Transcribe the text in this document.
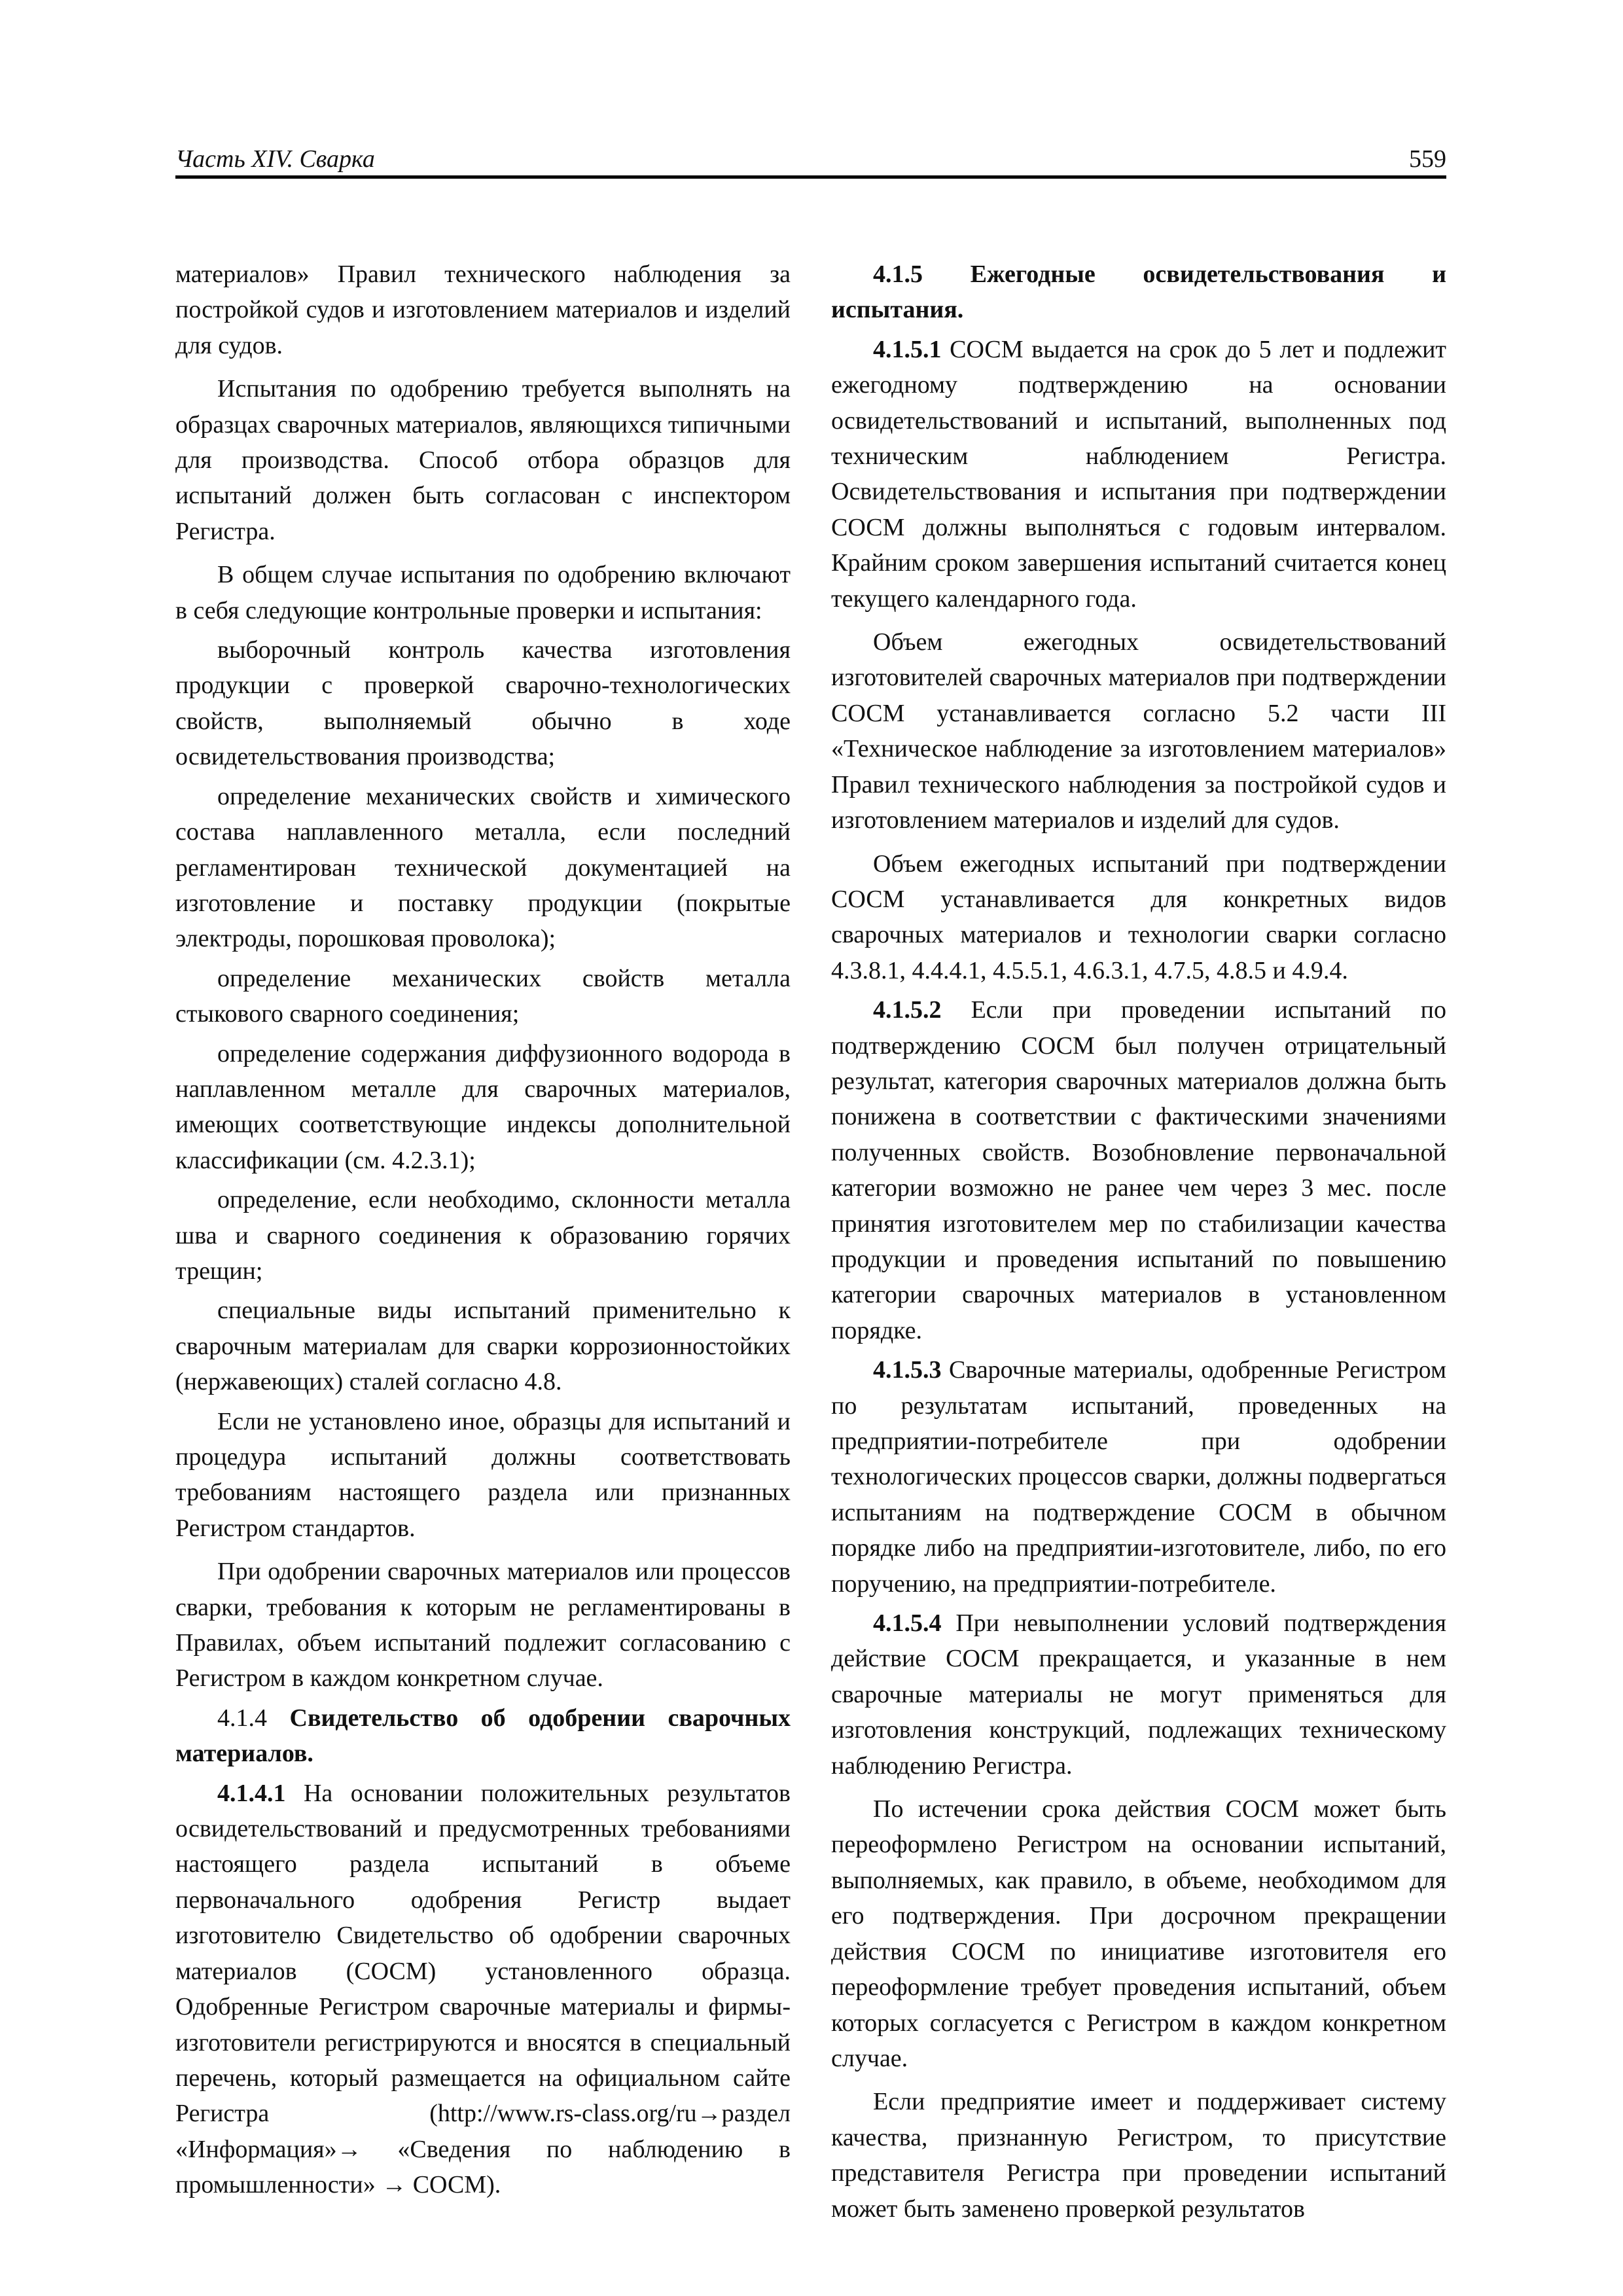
Часть XIV. Сварка	559

материалов» Правил технического наблюдения за постройкой судов и изготовлением материалов и изделий для судов.

Испытания по одобрению требуется выполнять на образцах сварочных материалов, являющихся типичными для производства. Способ отбора образцов для испытаний должен быть согласован с инспектором Регистра.

В общем случае испытания по одобрению включают в себя следующие контрольные проверки и испытания:

выборочный контроль качества изготовления продукции с проверкой сварочно-технологических свойств, выполняемый обычно в ходе освидетельствования производства;

определение механических свойств и химического состава наплавленного металла, если последний регламентирован технической документацией на изготовление и поставку продукции (покрытые электроды, порошковая проволока);

определение механических свойств металла стыкового сварного соединения;

определение содержания диффузионного водорода в наплавленном металле для сварочных материалов, имеющих соответствующие индексы дополнительной классификации (см. 4.2.3.1);

определение, если необходимо, склонности металла шва и сварного соединения к образованию горячих трещин;

специальные виды испытаний применительно к сварочным материалам для сварки коррозионностойких (нержавеющих) сталей согласно 4.8.

Если не установлено иное, образцы для испытаний и процедура испытаний должны соответствовать требованиям настоящего раздела или признанных Регистром стандартов.

При одобрении сварочных материалов или процессов сварки, требования к которым не регламентированы в Правилах, объем испытаний подлежит согласованию с Регистром в каждом конкретном случае.

4.1.4 Свидетельство об одобрении сварочных материалов.

4.1.4.1 На основании положительных результатов освидетельствований и предусмотренных требованиями настоящего раздела испытаний в объеме первоначального одобрения Регистр выдает изготовителю Свидетельство об одобрении сварочных материалов (СОСМ) установленного образца. Одобренные Регистром сварочные материалы и фирмы-изготовители регистрируются и вносятся в специальный перечень, который размещается на официальном сайте Регистра (http://www.rs-class.org/ru→раздел «Информация»→ «Сведения по наблюдению в промышленности» → СОСМ).

4.1.5 Ежегодные освидетельствования и испытания.

4.1.5.1 СОСМ выдается на срок до 5 лет и подлежит ежегодному подтверждению на основании освидетельствований и испытаний, выполненных под техническим наблюдением Регистра. Освидетельствования и испытания при подтверждении СОСМ должны выполняться с годовым интервалом. Крайним сроком завершения испытаний считается конец текущего календарного года.

Объем ежегодных освидетельствований изготовителей сварочных материалов при подтверждении СОСМ устанавливается согласно 5.2 части III «Техническое наблюдение за изготовлением материалов» Правил технического наблюдения за постройкой судов и изготовлением материалов и изделий для судов.

Объем ежегодных испытаний при подтверждении СОСМ устанавливается для конкретных видов сварочных материалов и технологии сварки согласно 4.3.8.1, 4.4.4.1, 4.5.5.1, 4.6.3.1, 4.7.5, 4.8.5 и 4.9.4.

4.1.5.2 Если при проведении испытаний по подтверждению СОСМ был получен отрицательный результат, категория сварочных материалов должна быть понижена в соответствии с фактическими значениями полученных свойств. Возобновление первоначальной категории возможно не ранее чем через 3 мес. после принятия изготовителем мер по стабилизации качества продукции и проведения испытаний по повышению категории сварочных материалов в установленном порядке.

4.1.5.3 Сварочные материалы, одобренные Регистром по результатам испытаний, проведенных на предприятии-потребителе при одобрении технологических процессов сварки, должны подвергаться испытаниям на подтверждение СОСМ в обычном порядке либо на предприятии-изготовителе, либо, по его поручению, на предприятии-потребителе.

4.1.5.4 При невыполнении условий подтверждения действие СОСМ прекращается, и указанные в нем сварочные материалы не могут применяться для изготовления конструкций, подлежащих техническому наблюдению Регистра.

По истечении срока действия СОСМ может быть переоформлено Регистром на основании испытаний, выполняемых, как правило, в объеме, необходимом для его подтверждения. При досрочном прекращении действия СОСМ по инициативе изготовителя его переоформление требует проведения испытаний, объем которых согласуется с Регистром в каждом конкретном случае.

Если предприятие имеет и поддерживает систему качества, признанную Регистром, то присутствие представителя Регистра при проведении испытаний может быть заменено проверкой результатов
